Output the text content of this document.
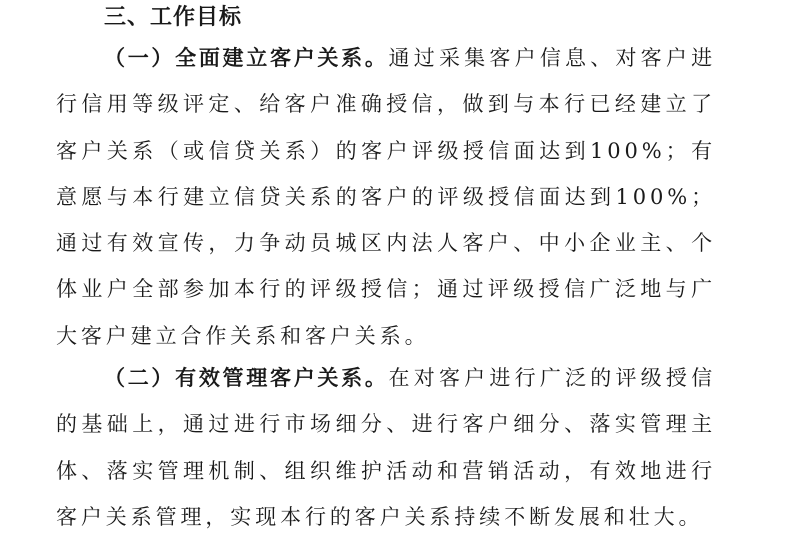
三、工作目标

（一）全面建立客户关系。通过采集客户信息、对客户进行信用等级评定、给客户准确授信，做到与本行已经建立了客户关系（或信贷关系）的客户评级授信面达到100%；有意愿与本行建立信贷关系的客户的评级授信面达到100%；通过有效宣传，力争动员城区内法人客户、中小企业主、个体业户全部参加本行的评级授信；通过评级授信广泛地与广大客户建立合作关系和客户关系。

（二）有效管理客户关系。在对客户进行广泛的评级授信的基础上，通过进行市场细分、进行客户细分、落实管理主体、落实管理机制、组织维护活动和营销活动，有效地进行客户关系管理，实现本行的客户关系持续不断发展和壮大。
